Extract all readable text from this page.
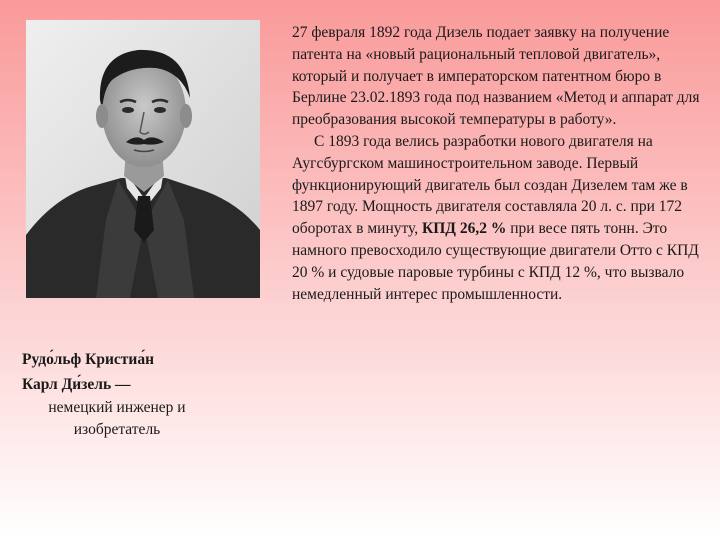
Рудо́льф Кристиа́н
Карл Ди́зель —
немецкий инженер и
изобретатель

27 февраля 1892 года Дизель подает заявку на получение патента на «новый рациональный тепловой двигатель», который и получает в императорском патентном бюро в Берлине 23.02.1893 года под названием «Метод и аппарат для преобразования высокой температуры в работу».

С 1893 года велись разработки нового двигателя на Аугсбургском машиностроительном заводе. Первый функционирующий двигатель был создан Дизелем там же в 1897 году. Мощность двигателя составляла 20 л. с. при 172 оборотах в минуту, КПД 26,2 % при весе пять тонн. Это намного превосходило существующие двигатели Отто с КПД 20 % и судовые паровые турбины с КПД 12 %, что вызвало немедленный интерес промышленности.
